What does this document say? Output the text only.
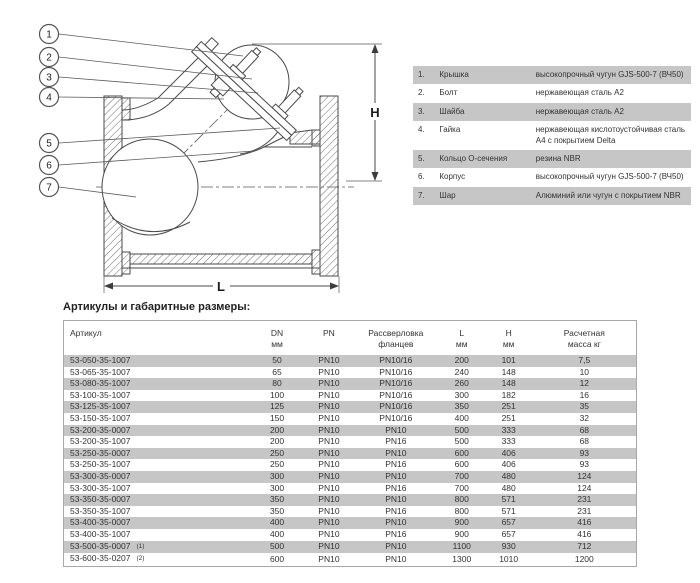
H
L
1
2
3
4
5
6
7
1.	Крышка	высокопрочный чугун GJS-500-7 (ВЧ50)
2.	Болт	нержавеющая сталь А2
3.	Шайба	нержавеющая сталь А2
4.	Гайка	нержавеющая кислотоустойчивая сталь А4 с покрытием Delta
5.	Кольцо О-сечения	резина NBR
6.	Корпус	высокопрочный чугун GJS-500-7 (ВЧ50)
7.	Шар	Алюминий или чугун с покрытием NBR
Артикулы и габаритные размеры:
Артикул	DN	PN	Рассверловка	L	H	Расчетная
	мм		фланцев	мм	мм	масса кг
53-050-35-1007	50	PN10	PN10/16	200	101	7,5
53-065-35-1007	65	PN10	PN10/16	240	148	10
53-080-35-1007	80	PN10	PN10/16	260	148	12
53-100-35-1007	100	PN10	PN10/16	300	182	16
53-125-35-1007	125	PN10	PN10/16	350	251	35
53-150-35-1007	150	PN10	PN10/16	400	251	32
53-200-35-0007	200	PN10	PN10	500	333	68
53-200-35-1007	200	PN10	PN16	500	333	68
53-250-35-0007	250	PN10	PN10	600	406	93
53-250-35-1007	250	PN10	PN16	600	406	93
53-300-35-0007	300	PN10	PN10	700	480	124
53-300-35-1007	300	PN10	PN16	700	480	124
53-350-35-0007	350	PN10	PN10	800	571	231
53-350-35-1007	350	PN10	PN16	800	571	231
53-400-35-0007	400	PN10	PN10	900	657	416
53-400-35-1007	400	PN10	PN16	900	657	416
53-500-35-0007 (1)	500	PN10	PN10	1100	930	712
53-600-35-0207 (2)	600	PN10	PN10	1300	1010	1200
